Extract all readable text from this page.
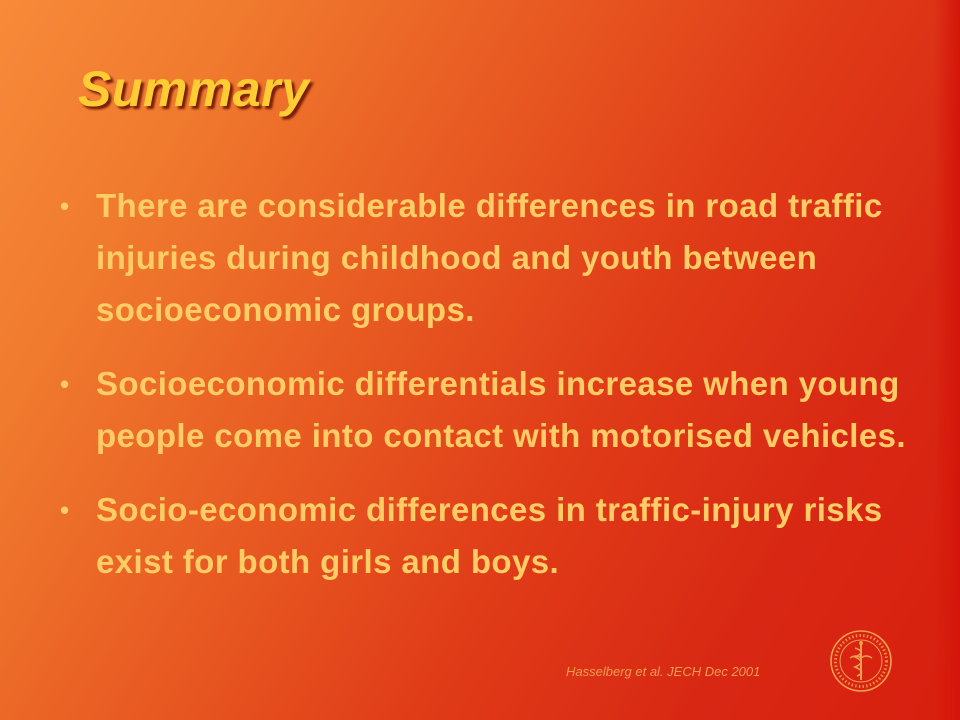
Summary
• There are considerable differences in road traffic injuries during childhood and youth between socioeconomic groups.
• Socioeconomic differentials increase when young people come into contact with motorised vehicles.
• Socio-economic differences in traffic-injury risks exist for both girls and boys.
Hasselberg et al. JECH Dec 2001
